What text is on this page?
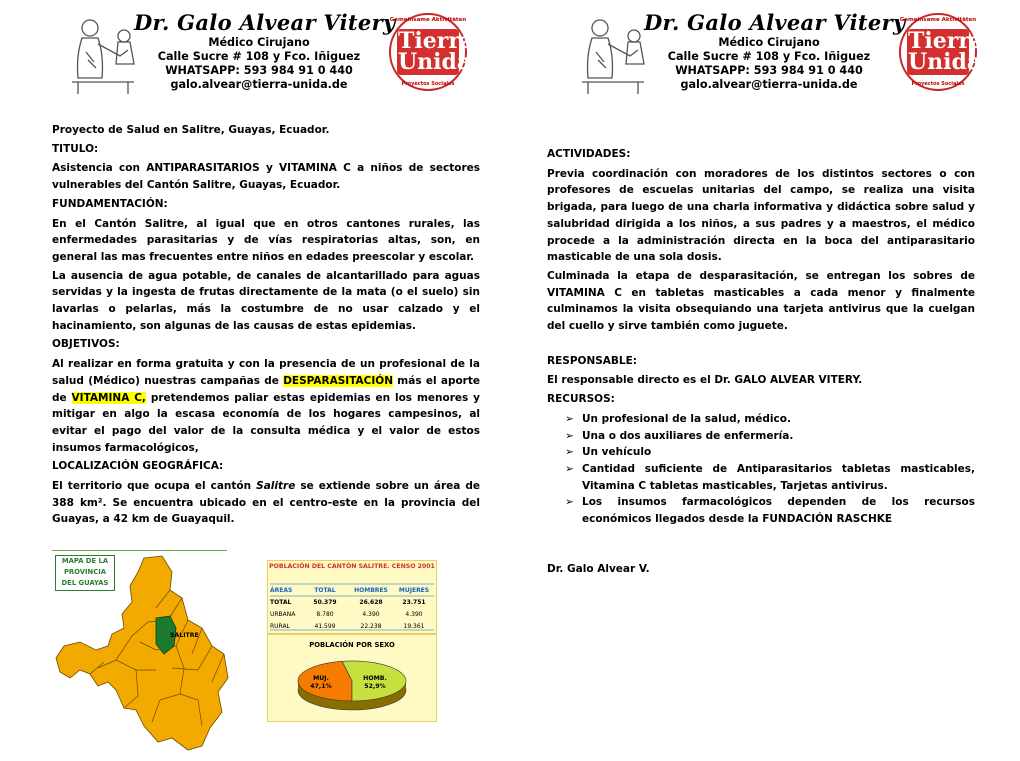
Dr. Galo Alvear Vitery
Médico Cirujano
Calle Sucre # 108 y Fco. Iñiguez
WHATSAPP: 593 984 91 0 440
galo.alvear@tierra-unida.de
Gemeinsame Aktivitäten
Tierra
Unida
Proyectos Sociales

Proyecto de Salud en Salitre, Guayas, Ecuador.

TITULO:

Asistencia con ANTIPARASITARIOS y VITAMINA C a niños de sectores vulnerables del Cantón Salitre, Guayas, Ecuador.

FUNDAMENTACIÓN:

En el Cantón Salitre, al igual que en otros cantones rurales, las enfermedades parasitarias y de vías respiratorias altas, son, en general las mas frecuentes entre niños en edades preescolar y escolar.

La ausencia de agua potable, de canales de alcantarillado para aguas servidas y la ingesta de frutas directamente de la mata (o el suelo) sin lavarlas o pelarlas, más la costumbre de no usar calzado y el hacinamiento, son algunas de las causas de estas epidemias.

OBJETIVOS:

Al realizar en forma gratuita y con la presencia de un profesional de la salud (Médico) nuestras campañas de DESPARASITACIÓN más el aporte de VITAMINA C, pretendemos paliar estas epidemias en los menores y mitigar en algo la escasa economía de los hogares campesinos, al evitar el pago del valor de la consulta médica y el valor de estos insumos farmacológicos,

LOCALIZACIÓN GEOGRÁFICA:

El territorio que ocupa el cantón Salitre se extiende sobre un área de 388 km². Se encuentra ubicado en el centro-este en la provincia del Guayas, a 42 km de Guayaquil.

MAPA DE LA PROVINCIA DEL GUAYAS
SALITRE
POBLACIÓN DEL CANTÓN SALITRE. CENSO 2001
ÁREAS	TOTAL	HOMBRES	MUJERES
TOTAL	50.379	26.628	23.751
URBANA	8.780	4.390	4.390
RURAL	41.599	22.238	19.361
POBLACIÓN POR SEXO
MUJ.
47,1%
HOMB.
52,9%
Dr. Galo Alvear Vitery
Médico Cirujano
Calle Sucre # 108 y Fco. Iñiguez
WHATSAPP: 593 984 91 0 440
galo.alvear@tierra-unida.de
Gemeinsame Aktivitäten
Tierra
Unida
Proyectos Sociales

ACTIVIDADES:

Previa coordinación con moradores de los distintos sectores o con profesores de escuelas unitarias del campo, se realiza una visita brigada, para luego de una charla informativa y didáctica sobre salud y salubridad dirigida a los niños, a sus padres y a maestros, el médico procede a la administración directa en la boca del antiparasitario masticable de una sola dosis.

Culminada la etapa de desparasitación, se entregan los sobres de VITAMINA C en tabletas masticables a cada menor y finalmente culminamos la visita obsequiando una tarjeta antivirus que la cuelgan del cuello y sirve también como juguete.

RESPONSABLE:

El responsable directo es el Dr. GALO ALVEAR VITERY.

RECURSOS:

➢ Un profesional de la salud, médico.
➢ Una o dos auxiliares de enfermería.
➢ Un vehículo
➢ Cantidad suficiente de Antiparasitarios tabletas masticables, Vitamina C tabletas masticables, Tarjetas antivirus.
➢ Los insumos farmacológicos dependen de los recursos económicos llegados desde la FUNDACIÓN RASCHKE

Dr. Galo Alvear V.
